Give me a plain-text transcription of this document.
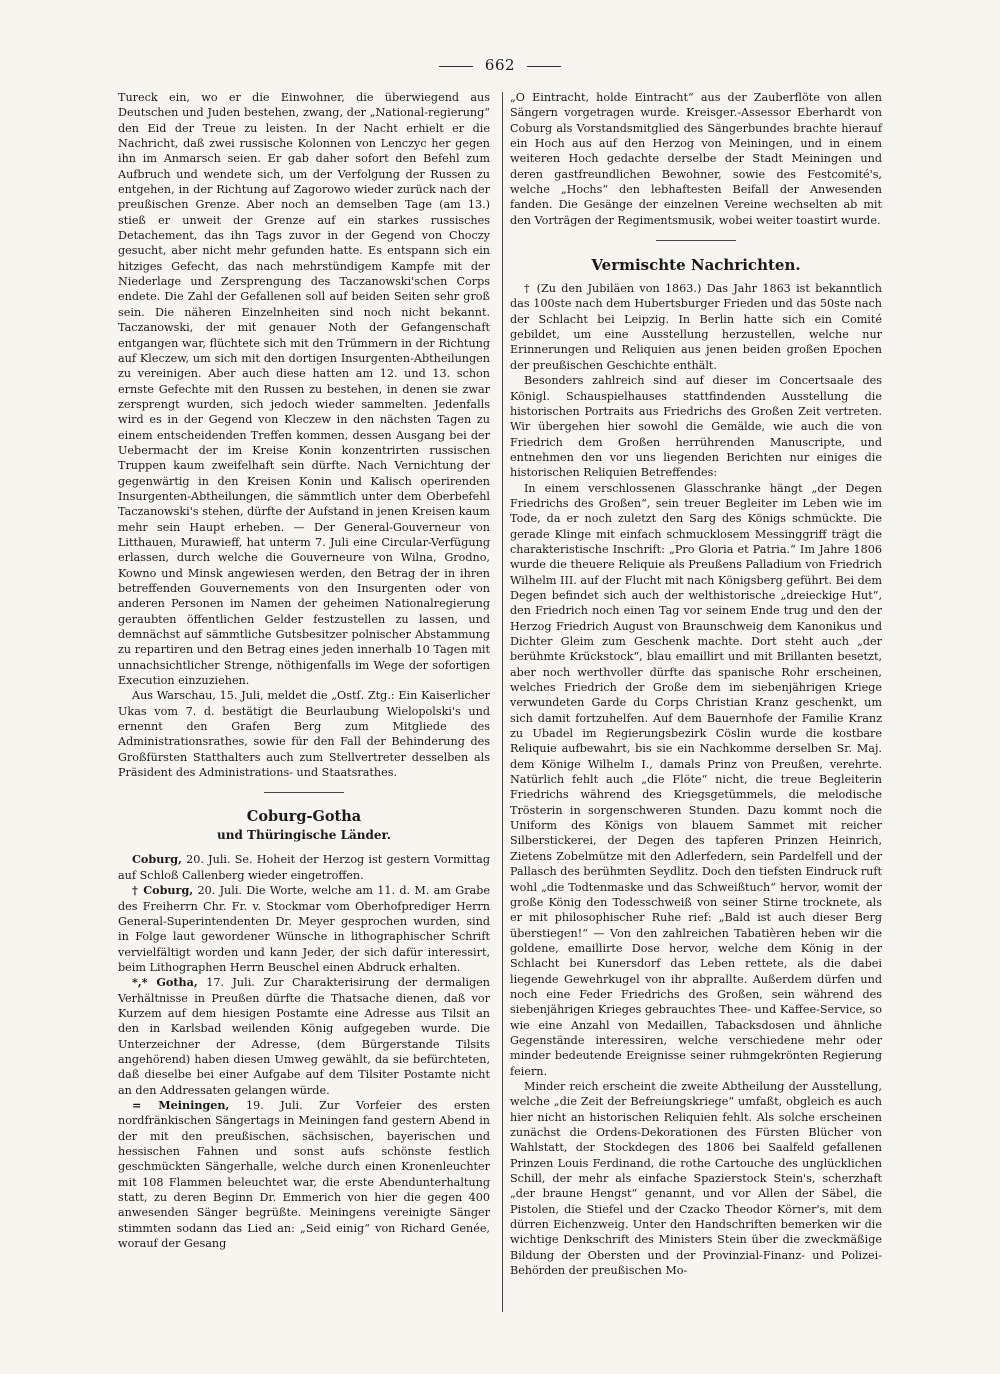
662

Tureck ein, wo er die Einwohner, die überwiegend aus Deutschen und Juden bestehen, zwang, der „National-regierung“ den Eid der Treue zu leisten. In der Nacht erhielt er die Nachricht, daß zwei russische Kolonnen von Lenczyc her gegen ihn im Anmarsch seien. Er gab daher sofort den Befehl zum Aufbruch und wendete sich, um der Verfolgung der Russen zu entgehen, in der Richtung auf Zagorowo wieder zurück nach der preußischen Grenze. Aber noch an demselben Tage (am 13.) stieß er unweit der Grenze auf ein starkes russisches Detachement, das ihn Tags zuvor in der Gegend von Choczy gesucht, aber nicht mehr gefunden hatte. Es entspann sich ein hitziges Gefecht, das nach mehrstündigem Kampfe mit der Niederlage und Zersprengung des Taczanowski'schen Corps endete. Die Zahl der Gefallenen soll auf beiden Seiten sehr groß sein. Die näheren Einzelnheiten sind noch nicht bekannt. Taczanowski, der mit genauer Noth der Gefangenschaft entgangen war, flüchtete sich mit den Trümmern in der Richtung auf Kleczew, um sich mit den dortigen Insurgenten-Abtheilungen zu vereinigen. Aber auch diese hatten am 12. und 13. schon ernste Gefechte mit den Russen zu bestehen, in denen sie zwar zersprengt wurden, sich jedoch wieder sammelten. Jedenfalls wird es in der Gegend von Kleczew in den nächsten Tagen zu einem entscheidenden Treffen kommen, dessen Ausgang bei der Uebermacht der im Kreise Konin konzentrirten russischen Truppen kaum zweifelhaft sein dürfte. Nach Vernichtung der gegenwärtig in den Kreisen Konin und Kalisch operirenden Insurgenten-Abtheilungen, die sämmtlich unter dem Oberbefehl Taczanowski's stehen, dürfte der Aufstand in jenen Kreisen kaum mehr sein Haupt erheben. — Der General-Gouverneur von Litthauen, Murawieff, hat unterm 7. Juli eine Circular-Verfügung erlassen, durch welche die Gouverneure von Wilna, Grodno, Kowno und Minsk angewiesen werden, den Betrag der in ihren betreffenden Gouvernements von den Insurgenten oder von anderen Personen im Namen der geheimen Nationalregierung geraubten öffentlichen Gelder festzustellen zu lassen, und demnächst auf sämmtliche Gutsbesitzer polnischer Abstammung zu repartiren und den Betrag eines jeden innerhalb 10 Tagen mit unnachsichtlicher Strenge, nöthigenfalls im Wege der sofortigen Execution einzuziehen.

Aus Warschau, 15. Juli, meldet die „Ostſ. Ztg.: Ein Kaiserlicher Ukas vom 7. d. bestätigt die Beurlaubung Wielopolski's und ernennt den Grafen Berg zum Mitgliede des Administrationsrathes, sowie für den Fall der Behinderung des Großfürsten Statthalters auch zum Stellvertreter desselben als Präsident des Administrations- und Staatsrathes.

Coburg-Gotha
und Thüringische Länder.

Coburg, 20. Juli. Se. Hoheit der Herzog ist gestern Vormittag auf Schloß Callenberg wieder eingetroffen.

† Coburg, 20. Juli. Die Worte, welche am 11. d. M. am Grabe des Freiherrn Chr. Fr. v. Stockmar vom Oberhofprediger Herrn General-Superintendenten Dr. Meyer gesprochen wurden, sind in Folge laut gewordener Wünsche in lithographischer Schrift vervielfältigt worden und kann Jeder, der sich dafür interessirt, beim Lithographen Herrn Beuschel einen Abdruck erhalten.

*,* Gotha, 17. Juli. Zur Charakterisirung der dermaligen Verhältnisse in Preußen dürfte die Thatsache dienen, daß vor Kurzem auf dem hiesigen Postamte eine Adresse aus Tilsit an den in Karlsbad weilenden König aufgegeben wurde. Die Unterzeichner der Adresse, (dem Bürgerstande Tilsits angehörend) haben diesen Umweg gewählt, da sie befürchteten, daß dieselbe bei einer Aufgabe auf dem Tilsiter Postamte nicht an den Addressaten gelangen würde.

= Meiningen, 19. Juli. Zur Vorfeier des ersten nordfränkischen Sängertags in Meiningen fand gestern Abend in der mit den preußischen, sächsischen, bayerischen und hessischen Fahnen und sonst aufs schönste festlich geschmückten Sängerhalle, welche durch einen Kronenleuchter mit 108 Flammen beleuchtet war, die erste Abendunterhaltung statt, zu deren Beginn Dr. Emmerich von hier die gegen 400 anwesenden Sänger begrüßte. Meiningens vereinigte Sänger stimmten sodann das Lied an: „Seid einig“ von Richard Genée, worauf der Gesang

„O Eintracht, holde Eintracht“ aus der Zauberflöte von allen Sängern vorgetragen wurde. Kreisger.-Assessor Eberhardt von Coburg als Vorstandsmitglied des Sängerbundes brachte hierauf ein Hoch aus auf den Herzog von Meiningen, und in einem weiteren Hoch gedachte derselbe der Stadt Meiningen und deren gastfreundlichen Bewohner, sowie des Festcomité's, welche „Hochs“ den lebhaftesten Beifall der Anwesenden fanden. Die Gesänge der einzelnen Vereine wechselten ab mit den Vorträgen der Regimentsmusik, wobei weiter toastirt wurde.

Vermischte Nachrichten.

† (Zu den Jubiläen von 1863.) Das Jahr 1863 ist bekanntlich das 100ste nach dem Hubertsburger Frieden und das 50ste nach der Schlacht bei Leipzig. In Berlin hatte sich ein Comité gebildet, um eine Ausstellung herzustellen, welche nur Erinnerungen und Reliquien aus jenen beiden großen Epochen der preußischen Geschichte enthält.

Besonders zahlreich sind auf dieser im Concertsaale des Königl. Schauspielhauses stattfindenden Ausstellung die historischen Portraits aus Friedrichs des Großen Zeit vertreten. Wir übergehen hier sowohl die Gemälde, wie auch die von Friedrich dem Großen herrührenden Manuscripte, und entnehmen den vor uns liegenden Berichten nur einiges die historischen Reliquien Betreffendes:

In einem verschlossenen Glasschranke hängt „der Degen Friedrichs des Großen“, sein treuer Begleiter im Leben wie im Tode, da er noch zuletzt den Sarg des Königs schmückte. Die gerade Klinge mit einfach schmucklosem Messinggriff trägt die charakteristische Inschrift: „Pro Gloria et Patria.“ Im Jahre 1806 wurde die theuere Reliquie als Preußens Palladium von Friedrich Wilhelm III. auf der Flucht mit nach Königsberg geführt. Bei dem Degen befindet sich auch der welthistorische „dreieckige Hut“, den Friedrich noch einen Tag vor seinem Ende trug und den der Herzog Friedrich August von Braunschweig dem Kanonikus und Dichter Gleim zum Geschenk machte. Dort steht auch „der berühmte Krückstock“, blau emaillirt und mit Brillanten besetzt, aber noch werthvoller dürfte das spanische Rohr erscheinen, welches Friedrich der Große dem im siebenjährigen Kriege verwundeten Garde du Corps Christian Kranz geschenkt, um sich damit fortzuhelfen. Auf dem Bauernhofe der Familie Kranz zu Ubadel im Regierungsbezirk Cöslin wurde die kostbare Reliquie aufbewahrt, bis sie ein Nachkomme derselben Sr. Maj. dem Könige Wilhelm I., damals Prinz von Preußen, verehrte. Natürlich fehlt auch „die Flöte“ nicht, die treue Begleiterin Friedrichs während des Kriegsgetümmels, die melodische Trösterin in sorgenschweren Stunden. Dazu kommt noch die Uniform des Königs von blauem Sammet mit reicher Silberstickerei, der Degen des tapferen Prinzen Heinrich, Zietens Zobelmütze mit den Adlerfedern, sein Pardelfell und der Pallasch des berühmten Seydlitz. Doch den tiefsten Eindruck ruft wohl „die Todtenmaske und das Schweißtuch“ hervor, womit der große König den Todesschweiß von seiner Stirne trocknete, als er mit philosophischer Ruhe rief: „Bald ist auch dieser Berg überstiegen!“ — Von den zahlreichen Tabatièren heben wir die goldene, emaillirte Dose hervor, welche dem König in der Schlacht bei Kunersdorf das Leben rettete, als die dabei liegende Gewehrkugel von ihr abprallte. Außerdem dürfen und noch eine Feder Friedrichs des Großen, sein während des siebenjährigen Krieges gebrauchtes Thee- und Kaffee-Service, so wie eine Anzahl von Medaillen, Tabacksdosen und ähnliche Gegenstände interessiren, welche verschiedene mehr oder minder bedeutende Ereignisse seiner ruhmgekrönten Regierung feiern.

Minder reich erscheint die zweite Abtheilung der Ausstellung, welche „die Zeit der Befreiungskriege“ umfaßt, obgleich es auch hier nicht an historischen Reliquien fehlt. Als solche erscheinen zunächst die Ordens-Dekorationen des Fürsten Blücher von Wahlstatt, der Stockdegen des 1806 bei Saalfeld gefallenen Prinzen Louis Ferdinand, die rothe Cartouche des unglücklichen Schill, der mehr als einfache Spazierstock Stein's, scherzhaft „der braune Hengst“ genannt, und vor Allen der Säbel, die Pistolen, die Stiefel und der Czacko Theodor Körner's, mit dem dürren Eichenzweig. Unter den Handschriften bemerken wir die wichtige Denkschrift des Ministers Stein über die zweckmäßige Bildung der Obersten und der Provinzial-Finanz- und Polizei-Behörden der preußischen Mo-
